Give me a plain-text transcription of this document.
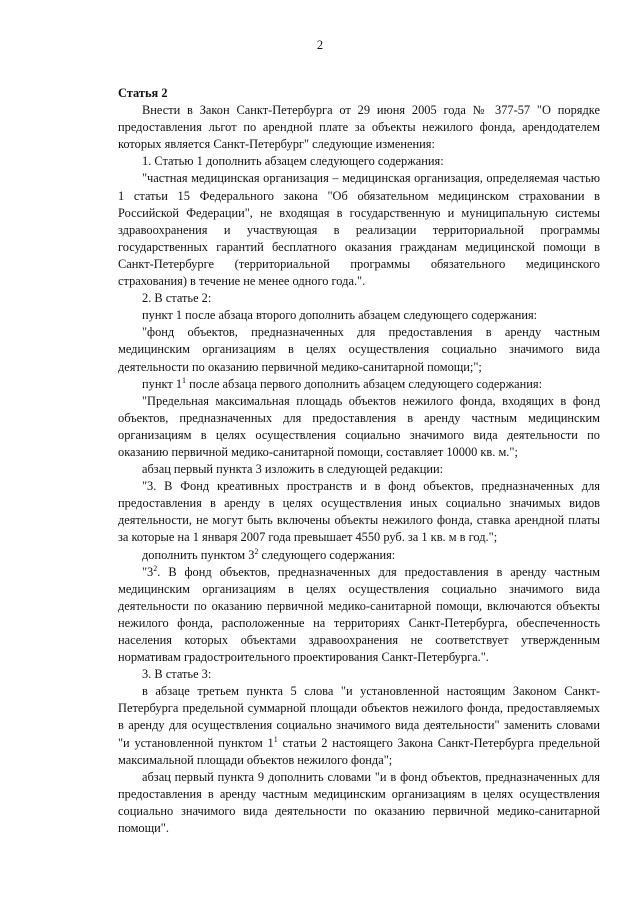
2

Статья 2

Внести в Закон Санкт-Петербурга от 29 июня 2005 года № 377-57 "О порядке предоставления льгот по арендной плате за объекты нежилого фонда, арендодателем которых является Санкт-Петербург" следующие изменения:

1. Статью 1 дополнить абзацем следующего содержания:

"частная медицинская организация – медицинская организация, определяемая частью 1 статьи 15 Федерального закона "Об обязательном медицинском страховании в Российской Федерации", не входящая в государственную и муниципальную системы здравоохранения и участвующая в реализации территориальной программы государственных гарантий бесплатного оказания гражданам медицинской помощи в Санкт-Петербурге (территориальной программы обязательного медицинского страхования) в течение не менее одного года.".

2. В статье 2:

пункт 1 после абзаца второго дополнить абзацем следующего содержания:

"фонд объектов, предназначенных для предоставления в аренду частным медицинским организациям в целях осуществления социально значимого вида деятельности по оказанию первичной медико-санитарной помощи;";

пункт $1^1$ после абзаца первого дополнить абзацем следующего содержания:

"Предельная максимальная площадь объектов нежилого фонда, входящих в фонд объектов, предназначенных для предоставления в аренду частным медицинским организациям в целях осуществления социально значимого вида деятельности по оказанию первичной медико-санитарной помощи, составляет 10000 кв. м.";

абзац первый пункта 3 изложить в следующей редакции:

"3. В Фонд креативных пространств и в фонд объектов, предназначенных для предоставления в аренду в целях осуществления иных социально значимых видов деятельности, не могут быть включены объекты нежилого фонда, ставка арендной платы за которые на 1 января 2007 года превышает 4550 руб. за 1 кв. м в год.";

дополнить пунктом $3^2$ следующего содержания:

"$3^2$. В фонд объектов, предназначенных для предоставления в аренду частным медицинским организациям в целях осуществления социально значимого вида деятельности по оказанию первичной медико-санитарной помощи, включаются объекты нежилого фонда, расположенные на территориях Санкт-Петербурга, обеспеченность населения которых объектами здравоохранения не соответствует утвержденным нормативам градостроительного проектирования Санкт-Петербурга.".

3. В статье 3:

в абзаце третьем пункта 5 слова "и установленной настоящим Законом Санкт-Петербурга предельной суммарной площади объектов нежилого фонда, предоставляемых в аренду для осуществления социально значимого вида деятельности" заменить словами "и установленной пунктом $1^1$ статьи 2 настоящего Закона Санкт-Петербурга предельной максимальной площади объектов нежилого фонда";

абзац первый пункта 9 дополнить словами "и в фонд объектов, предназначенных для предоставления в аренду частным медицинским организациям в целях осуществления социально значимого вида деятельности по оказанию первичной медико-санитарной помощи".
